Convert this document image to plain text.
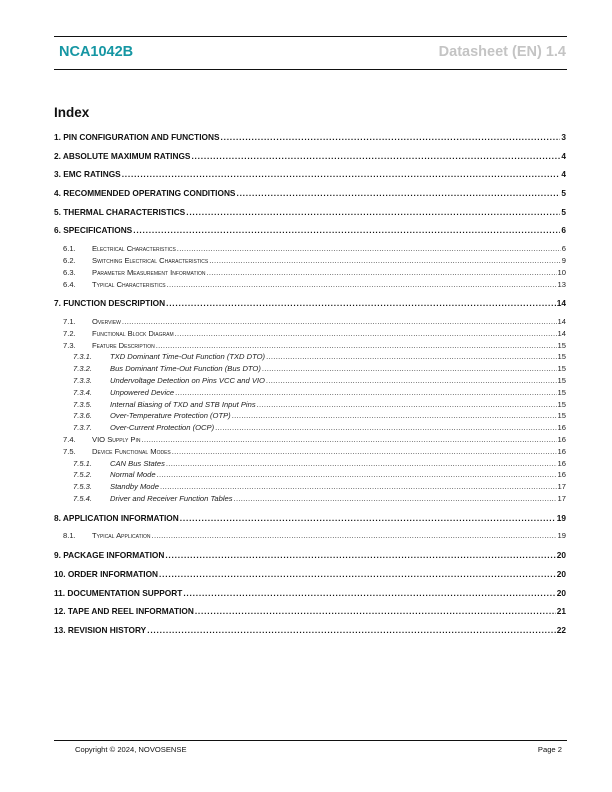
NCA1042B	Datasheet (EN) 1.4
Index
1. PIN CONFIGURATION AND FUNCTIONS .....	3
2. ABSOLUTE MAXIMUM RATINGS .....	4
3. EMC RATINGS .....	4
4. RECOMMENDED OPERATING CONDITIONS .....	5
5. THERMAL CHARACTERISTICS .....	5
6. SPECIFICATIONS .....	6
6.1.	Electrical Characteristics .....	6
6.2.	Switching Electrical Characteristics .....	9
6.3.	Parameter Measurement Information .....	10
6.4.	Typical Characteristics .....	13
7. FUNCTION DESCRIPTION .....	14
7.1.	Overview .....	14
7.2.	Functional Block Diagram .....	14
7.3.	Feature Description .....	15
7.3.1.	TXD Dominant Time-Out Function (TXD DTO) .....	15
7.3.2.	Bus Dominant Time-Out Function (Bus DTO) .....	15
7.3.3.	Undervoltage Detection on Pins VCC and VIO .....	15
7.3.4.	Unpowered Device .....	15
7.3.5.	Internal Biasing of TXD and STB Input Pins .....	15
7.3.6.	Over-Temperature Protection (OTP) .....	15
7.3.7.	Over-Current Protection (OCP) .....	16
7.4.	VIO Supply Pin .....	16
7.5.	Device Functional Modes .....	16
7.5.1.	CAN Bus States .....	16
7.5.2.	Normal Mode .....	16
7.5.3.	Standby Mode .....	17
7.5.4.	Driver and Receiver Function Tables .....	17
8. APPLICATION INFORMATION .....	19
8.1.	Typical Application .....	19
9. PACKAGE INFORMATION .....	20
10. ORDER INFORMATION .....	20
11. DOCUMENTATION SUPPORT .....	20
12. TAPE AND REEL INFORMATION .....	21
13. REVISION HISTORY .....	22
Copyright © 2024, NOVOSENSE	Page 2
